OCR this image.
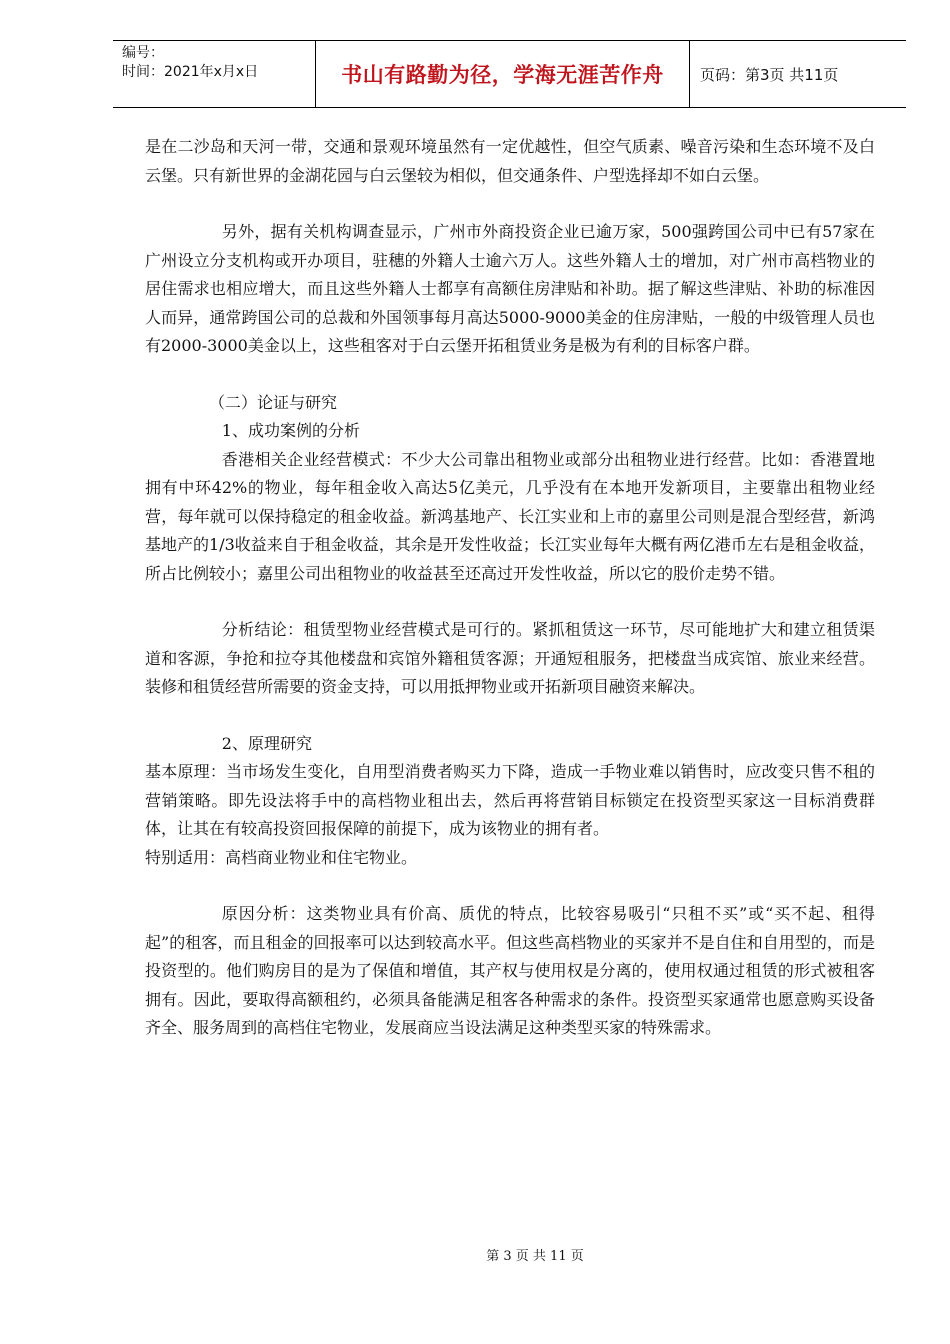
编号：
时间：2021年x月x日	书山有路勤为径，学海无涯苦作舟	页码：第3页 共11页

是在二沙岛和天河一带，交通和景观环境虽然有一定优越性，但空气质素、噪音污染和生态环境不及白云堡。只有新世界的金湖花园与白云堡较为相似，但交通条件、户型选择却不如白云堡。

另外，据有关机构调查显示，广州市外商投资企业已逾万家，500强跨国公司中已有57家在广州设立分支机构或开办项目，驻穗的外籍人士逾六万人。这些外籍人士的增加，对广州市高档物业的居住需求也相应增大，而且这些外籍人士都享有高额住房津贴和补助。据了解这些津贴、补助的标准因人而异，通常跨国公司的总裁和外国领事每月高达5000-9000美金的住房津贴，一般的中级管理人员也有2000-3000美金以上，这些租客对于白云堡开拓租赁业务是极为有利的目标客户群。

（二）论证与研究

1、成功案例的分析

香港相关企业经营模式：不少大公司靠出租物业或部分出租物业进行经营。比如：香港置地拥有中环42%的物业，每年租金收入高达5亿美元，几乎没有在本地开发新项目，主要靠出租物业经营，每年就可以保持稳定的租金收益。新鸿基地产、长江实业和上市的嘉里公司则是混合型经营，新鸿基地产的1/3收益来自于租金收益，其余是开发性收益；长江实业每年大概有两亿港币左右是租金收益，所占比例较小；嘉里公司出租物业的收益甚至还高过开发性收益，所以它的股价走势不错。

分析结论：租赁型物业经营模式是可行的。紧抓租赁这一环节，尽可能地扩大和建立租赁渠道和客源，争抢和拉夺其他楼盘和宾馆外籍租赁客源；开通短租服务，把楼盘当成宾馆、旅业来经营。装修和租赁经营所需要的资金支持，可以用抵押物业或开拓新项目融资来解决。

2、原理研究

基本原理：当市场发生变化，自用型消费者购买力下降，造成一手物业难以销售时，应改变只售不租的营销策略。即先设法将手中的高档物业租出去，然后再将营销目标锁定在投资型买家这一目标消费群体，让其在有较高投资回报保障的前提下，成为该物业的拥有者。

特别适用：高档商业物业和住宅物业。

原因分析：这类物业具有价高、质优的特点，比较容易吸引“只租不买”或“买不起、租得起”的租客，而且租金的回报率可以达到较高水平。但这些高档物业的买家并不是自住和自用型的，而是投资型的。他们购房目的是为了保值和增值，其产权与使用权是分离的，使用权通过租赁的形式被租客拥有。因此，要取得高额租约，必须具备能满足租客各种需求的条件。投资型买家通常也愿意购买设备齐全、服务周到的高档住宅物业，发展商应当设法满足这种类型买家的特殊需求。

第 3 页 共 11 页
